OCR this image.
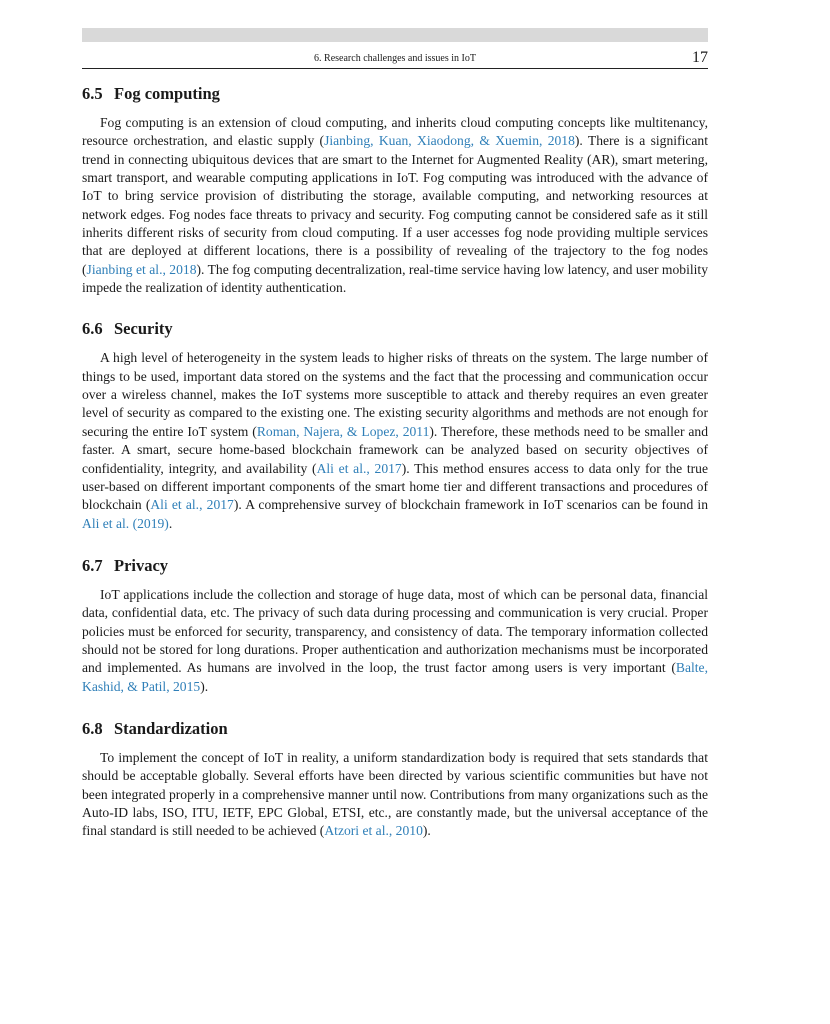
6. Research challenges and issues in IoT	17
6.5 Fog computing

Fog computing is an extension of cloud computing, and inherits cloud computing concepts like multitenancy, resource orchestration, and elastic supply (Jianbing, Kuan, Xiaodong, & Xuemin, 2018). There is a significant trend in connecting ubiquitous devices that are smart to the Internet for Augmented Reality (AR), smart metering, smart transport, and wearable computing applications in IoT. Fog computing was introduced with the advance of IoT to bring service provision of distributing the storage, available computing, and networking resources at network edges. Fog nodes face threats to privacy and security. Fog computing cannot be considered safe as it still inherits different risks of security from cloud computing. If a user accesses fog node providing multiple services that are deployed at different locations, there is a possibility of revealing of the trajectory to the fog nodes (Jianbing et al., 2018). The fog computing decentralization, real-time service having low latency, and user mobility impede the realization of identity authentication.

6.6 Security

A high level of heterogeneity in the system leads to higher risks of threats on the system. The large number of things to be used, important data stored on the systems and the fact that the processing and communication occur over a wireless channel, makes the IoT systems more susceptible to attack and thereby requires an even greater level of security as compared to the existing one. The existing security algorithms and methods are not enough for securing the entire IoT system (Roman, Najera, & Lopez, 2011). Therefore, these methods need to be smaller and faster. A smart, secure home-based blockchain framework can be analyzed based on security objectives of confidentiality, integrity, and availability (Ali et al., 2017). This method ensures access to data only for the true user-based on different important components of the smart home tier and different transactions and procedures of blockchain (Ali et al., 2017). A comprehensive survey of blockchain framework in IoT scenarios can be found in Ali et al. (2019).

6.7 Privacy

IoT applications include the collection and storage of huge data, most of which can be personal data, financial data, confidential data, etc. The privacy of such data during processing and communication is very crucial. Proper policies must be enforced for security, transparency, and consistency of data. The temporary information collected should not be stored for long durations. Proper authentication and authorization mechanisms must be incorporated and implemented. As humans are involved in the loop, the trust factor among users is very important (Balte, Kashid, & Patil, 2015).

6.8 Standardization

To implement the concept of IoT in reality, a uniform standardization body is required that sets standards that should be acceptable globally. Several efforts have been directed by various scientific communities but have not been integrated properly in a comprehensive manner until now. Contributions from many organizations such as the Auto-ID labs, ISO, ITU, IETF, EPC Global, ETSI, etc., are constantly made, but the universal acceptance of the final standard is still needed to be achieved (Atzori et al., 2010).
